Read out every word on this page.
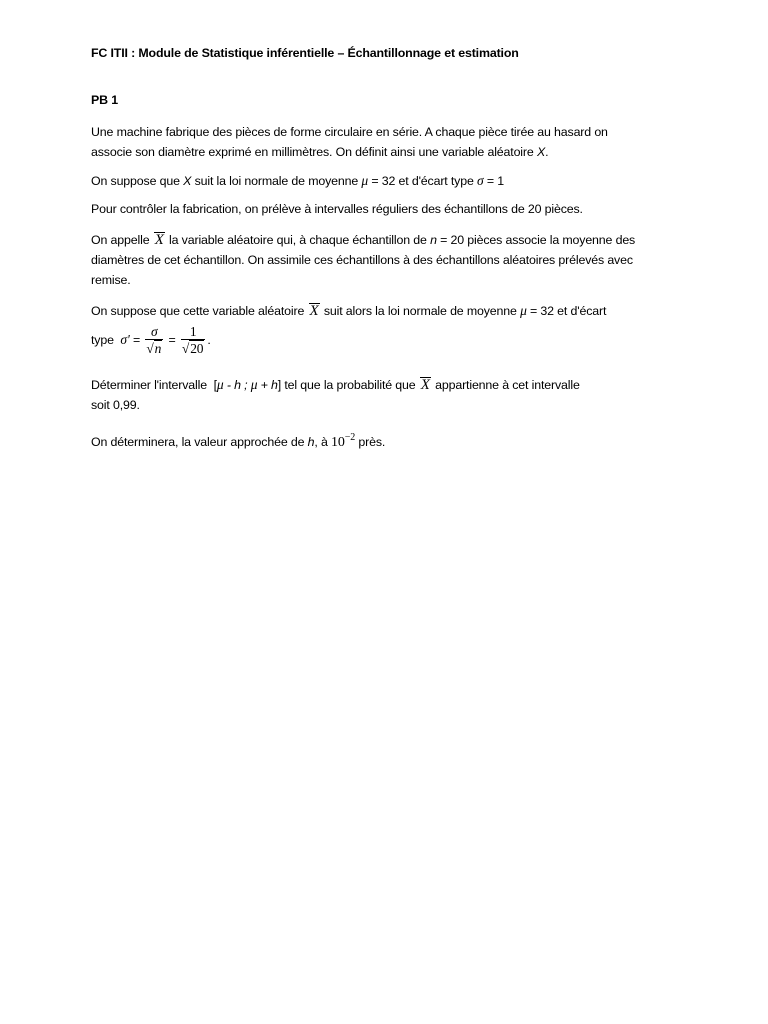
FC ITII : Module de Statistique inférentielle – Échantillonnage et estimation
PB 1
Une machine fabrique des pièces de forme circulaire en série. A chaque pièce tirée au hasard on
associe son diamètre exprimé en millimètres. On définit ainsi une variable aléatoire X.
On suppose que X suit la loi normale de moyenne μ = 32 et d'écart type σ = 1
Pour contrôler la fabrication, on prélève à intervalles réguliers des échantillons de 20 pièces.
On appelle X la variable aléatoire qui, à chaque échantillon de n = 20 pièces associe la moyenne des
diamètres de cet échantillon. On assimile ces échantillons à des échantillons aléatoires prélevés avec
remise.
On suppose que cette variable aléatoire X suit alors la loi normale de moyenne μ = 32 et d'écart
type $\sigma' = \frac{\sigma}{√n} = \frac{1}{√20}$ .
Déterminer l'intervalle [μ - h ; μ + h] tel que la probabilité que X appartienne à cet intervalle
soit 0,99.
On déterminera, la valeur approchée de h, à $10^{-2}$ près.
